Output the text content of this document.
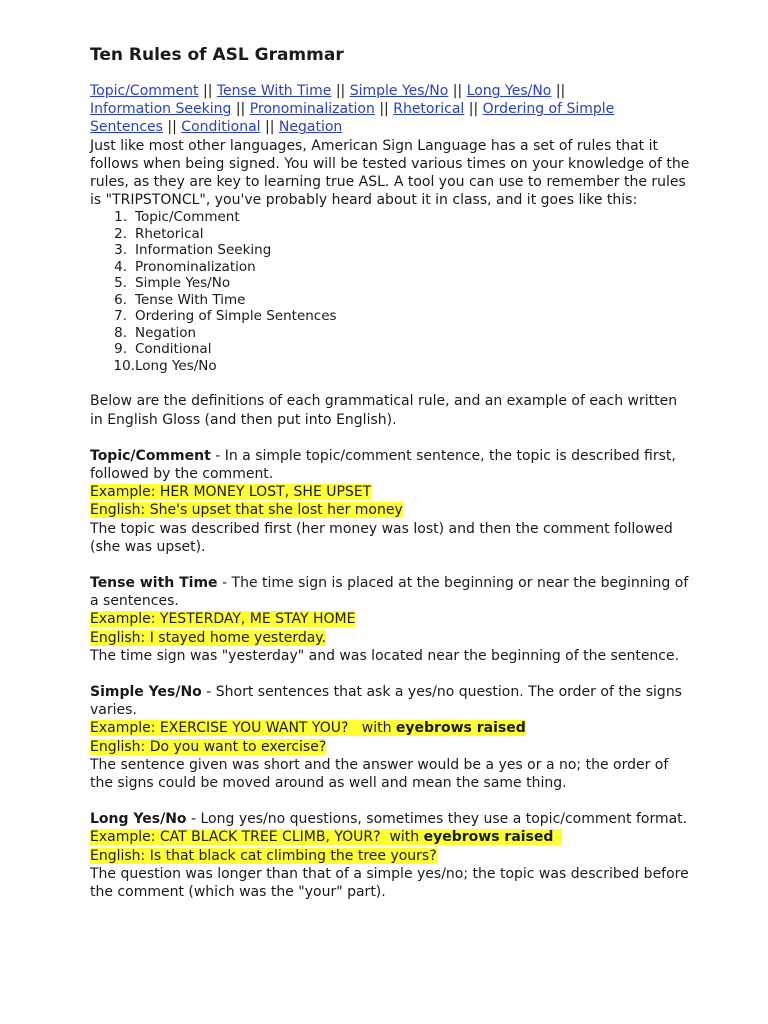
Ten Rules of ASL Grammar
Topic/Comment || Tense With Time || Simple Yes/No || Long Yes/No ||
Information Seeking || Pronominalization || Rhetorical || Ordering of Simple Sentences || Conditional || Negation

Just like most other languages, American Sign Language has a set of rules that it follows when being signed. You will be tested various times on your knowledge of the rules, as they are key to learning true ASL. A tool you can use to remember the rules is "TRIPSTONCL", you've probably heard about it in class, and it goes like this:

1. Topic/Comment
2. Rhetorical
3. Information Seeking
4. Pronominalization
5. Simple Yes/No
6. Tense With Time
7. Ordering of Simple Sentences
8. Negation
9. Conditional
10. Long Yes/No

Below are the definitions of each grammatical rule, and an example of each written in English Gloss (and then put into English).

Topic/Comment - In a simple topic/comment sentence, the topic is described first, followed by the comment.

Example: HER MONEY LOST, SHE UPSET
English: She's upset that she lost her money

The topic was described first (her money was lost) and then the comment followed (she was upset).

Tense with Time - The time sign is placed at the beginning or near the beginning of a sentences.

Example: YESTERDAY, ME STAY HOME
English: I stayed home yesterday.

The time sign was "yesterday" and was located near the beginning of the sentence.

Simple Yes/No - Short sentences that ask a yes/no question. The order of the signs varies.

Example: EXERCISE YOU WANT YOU?   with eyebrows raised
English: Do you want to exercise?

The sentence given was short and the answer would be a yes or a no; the order of the signs could be moved around as well and mean the same thing.

Long Yes/No - Long yes/no questions, sometimes they use a topic/comment format.

Example: CAT BLACK TREE CLIMB, YOUR?  with eyebrows raised
English: Is that black cat climbing the tree yours?

The question was longer than that of a simple yes/no; the topic was described before the comment (which was the "your" part).
